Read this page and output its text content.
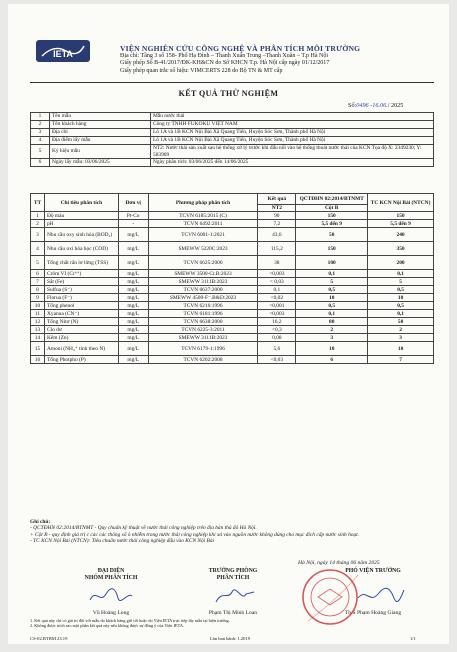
IETA
VIỆN NGHIÊN CỨU CÔNG NGHỆ VÀ PHÂN TÍCH MÔI TRƯỜNG
Địa chỉ: Tầng 3 số 158- Phố Hạ Đình – Thanh Xuân Trung –Thanh Xuân – T.p Hà Nội
Giấy phép Số B-41/2017/ĐK-KH&CN do Sở KHCN T.p. Hà Nội cấp ngày 01/12/2017
Giấy phép quan trắc số hiệu: VIMCERTS 228 do Bộ TN & MT cấp
KẾT QUẢ THỬ NGHIỆM
Số:0496 -16.06./ 2025
1	Tên mẫu	Mẫu nước thải
2	Tên khách hàng	Công ty TNHH FUKOKU VIỆT NAM
3	Địa chỉ	Lô 1A và 1B KCN Nội Bài Xã Quang Tiến, Huyện Sóc Sơn, Thành phố Hà Nội
4	Địa điểm lấy mẫu	Lô 1A và 1B KCN Nội Bài Xã Quang Tiến, Huyện Sóc Sơn, Thành phố Hà Nội
5	Ký hiệu mẫu	NT2: Nước thải sản xuất sau hệ thống xử lý trước khi đấu nối vào hệ thống thoát nước thải của KCN Tọa độ X: 2349230; Y: 583909
6	Ngày lấy mẫu: 03/06/2025	Ngày phân tích: 03/06/2025 đến 14/06/2025
TT	Chỉ tiêu phân tích	Đơn vị	Phương pháp phân tích	Kết quả	QCTĐHN 02:2014/BTNMT	TC KCN Nội Bài (NTCN)
				NT2	Cột B	
1	Độ màu	Pt-Co	TCVN 6185:2015 (C)	90	150	150
2	pH	-	TCVN 6492:2011	7,2	5,5 đến 9	5,5 đến 9
3	Nhu cầu oxy sinh hóa (BOD₅)	mg/L	TCVN 6001-1:2021	43,6	50	240
4	Nhu cầu oxi hóa học (COD)	mg/L	SMEWW 5220C:2023	115,2	150	350
5	Tổng chất rắn lơ lửng (TSS)	mg/L	TCVN 6625:2000	38	100	200
6	Crôm VI (Cr⁶⁺)	mg/L	SMEWW 3500-Cr.B:2023	<0,003	0,1	0,1
7	Sắt (Fe)	mg/L	SMEWW 3111B:2023	< 0,03	5	5
8	Sulfua (S⁻)	mg/L	TCVN 6637:2000	0,1	0,5	0,5
9	Florua (F⁻)	mg/L	SMEWW 4500-F⁻.B&D:2023	<0,02	10	10
10	Tổng phenol	mg/L	TCVN 6216:1996	<0,001	0,5	0,5
11	Xyanua (CN⁻)	mg/L	TCVN 6181:1996	<0,003	0,1	0,1
12	Tổng Nitơ (N)	mg/L	TCVN 6638:2000	16,2	80	50
13	Clo dư	mg/L	TCVN 6225-3:2011	<0,3	2	2
14	Kẽm (Zn)	mg/L	SMEWW 3111B:2023	0,08	3	3
15	Amoni (NH₄⁺ tính theo N)	mg/L	TCVN 6179-1:1996	5,6	10	10
16	Tổng Photpho (P)	mg/L	TCVN 6202:2008	<0,03	6	7
Ghi chú:
- QCTĐHN 02:2014/BTNMT - Quy chuẩn kỹ thuật về nước thải công nghiệp trên địa bàn thủ đô Hà Nội.
+ Cột B - quy định giá trị c các các thông số ô nhiễm trong nước thải công nghiệp khi xả vào nguồn nước không dùng cho mục đích cấp nước sinh hoạt.
- TC KCN Nội Bài (NTCN): Tiêu chuẩn nước thải công nghiệp đấu vào KCN Nội Bài
Hà Nội, ngày 14 tháng 06 năm 2025
ĐẠI DIỆN
NHÓM PHÂN TÍCH
Vũ Hoàng Long
TRƯỞNG PHÒNG
PHÂN TÍCH
Phạm Thị Minh Loan
PHÓ VIỆN TRƯỞNG
Th.S Phạm Hoàng Giang
1. Kết quả này chỉ có giá trị đối với mẫu do khách hàng gửi tới hoặc do Viện IETA trực tiếp lấy mẫu tại hiện trường.
2. Không được trích sao một phần kết quả này nếu không được sự đồng ý của Viện IETA.
CS-02.BTBM 23.19	Lần ban hành: 1.2019	1/1
